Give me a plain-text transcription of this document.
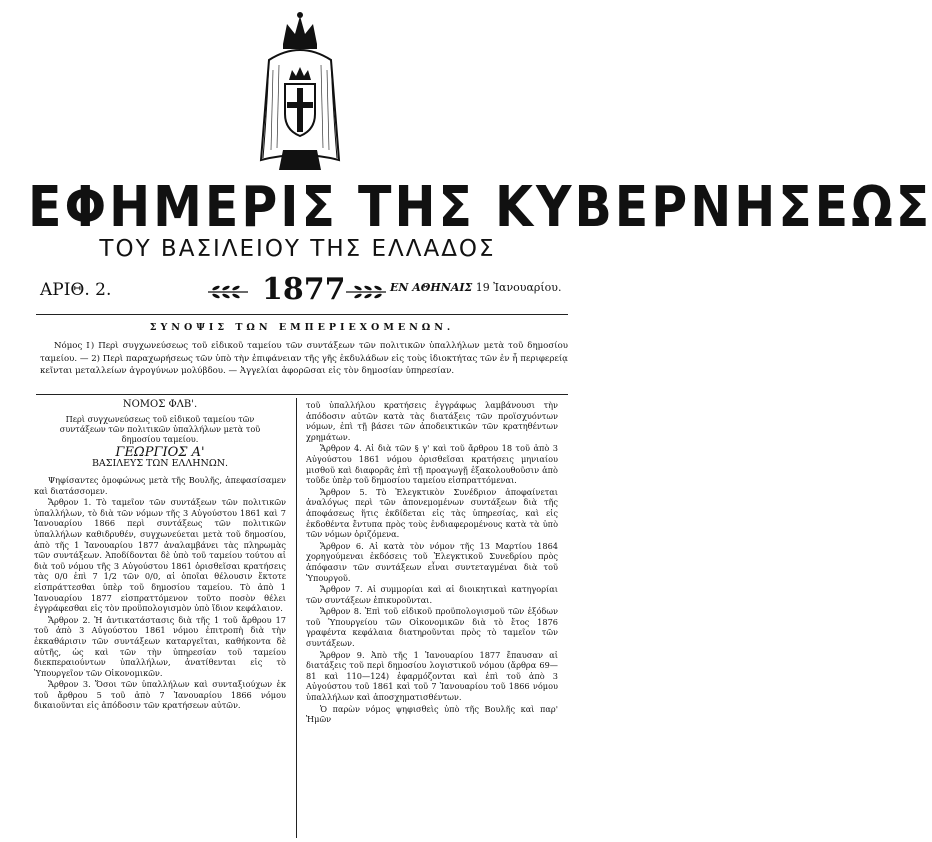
ΕΦΗΜΕΡΙΣ ΤΗΣ ΚΥΒΕΡΝΗΣΕΩΣ
ΤΟΥ ΒΑΣΙΛΕΙΟΥ ΤΗΣ ΕΛΛΑΔΟΣ
ΑΡΙΘ. 2.	1877	ΕΝ ΑΘΗΝΑΙΣ 19 Ἰανουαρίου.
ΣΥΝΟΨΙΣ ΤΩΝ ΕΜΠΕΡΙΕΧΟΜΕΝΩΝ.
Νόμος Ⅰ) Περὶ συγχωνεύσεως τοῦ εἰδικοῦ ταμείου τῶν συντάξεων τῶν πολιτικῶν ὑπαλλήλων μετὰ τοῦ δημοσίου ταμείου. — 2) Περὶ παραχωρήσεως τῶν ὑπὸ τὴν ἐπιφάνειαν τῆς γῆς ἐκδυλάδων εἰς τοὺς ἰδιοκτήτας τῶν ἐν ἧ περιφερείᾳ κεῖνται μεταλλείων ἀγρογύνων μολύβδου. — Ἀγγελίαι ἀφορῶσαι εἰς τὸν δημοσίαν ὑπηρεσίαν.
ΝΟΜΟΣ ΦΛΒ'.
Περὶ συγχωνεύσεως τοῦ εἰδικοῦ ταμείου τῶν συντάξεων τῶν πολιτικῶν ὑπαλλήλων μετὰ τοῦ δημοσίου ταμείου.
ΓΕΩΡΓΙΟΣ Α'
ΒΑΣΙΛΕΥΣ ΤΩΝ ΕΛΛΗΝΩΝ.

Ψηφίσαντες ὁμοφώνως μετὰ τῆς Βουλῆς, ἀπεφασίσαμεν καὶ διατάσσομεν.

Ἄρθρον 1. Τὸ ταμεῖον τῶν συντάξεων τῶν πολιτικῶν ὑπαλλήλων, τὸ διὰ τῶν νόμων τῆς 3 Αὐγούστου 1861 καὶ 7 Ἰανουαρίου 1866 περὶ συντάξεως τῶν πολιτικῶν ὑπαλλήλων καθιδρυθέν, συγχωνεύεται μετὰ τοῦ δημοσίου, ἀπὸ τῆς 1 Ἰανουαρίου 1877 ἀναλαμβάνει τὰς πληρωμὰς τῶν συντάξεων. Ἀποδίδονται δὲ ὑπὸ τοῦ ταμείου τούτου αἱ διὰ τοῦ νόμου τῆς 3 Αὐγούστου 1861 ὁρισθεῖσαι κρατήσεις τὰς 0/0 ἐπὶ 7 1/2 τῶν 0/0, αἱ ὁποῖαι θέλουσιν ἔκτοτε εἰσπράττεσθαι ὑπὲρ τοῦ δημοσίου ταμείου. Τὸ ἀπὸ 1 Ἰανουαρίου 1877 εἰσπραττόμενον τοῦτο ποσὸν θέλει ἐγγράφεσθαι εἰς τὸν προϋπολογισμὸν ὑπὸ ἴδιον κεφάλαιον.

Ἄρθρον 2. Ἡ ἀντικατάστασις διὰ τῆς 1 τοῦ ἄρθρου 17 τοῦ ἀπὸ 3 Αὐγούστου 1861 νόμου ἐπιτροπὴ διὰ τὴν ἐκκαθάρισιν τῶν συντάξεων καταργεῖται, καθήκοντα δὲ αὐτῆς, ὡς καὶ τῶν τὴν ὑπηρεσίαν τοῦ ταμείου διεκπεραιούντων ὑπαλλήλων, ἀνατίθενται εἰς τὸ Ὑπουργεῖον τῶν Οἰκονομικῶν.

Ἄρθρον 3. Ὅσοι τῶν ὑπαλλήλων καὶ συνταξιούχων ἐκ τοῦ ἄρθρου 5 τοῦ ἀπὸ 7 Ἰανουαρίου 1866 νόμου δικαιοῦνται εἰς ἀπόδοσιν τῶν κρατήσεων αὐτῶν.

τοῦ ὑπαλλήλου κρατήσεις ἐγγράφως λαμβάνουσι τὴν ἀπόδοσιν αὐτῶν κατὰ τὰς διατάξεις τῶν προϊσχυόντων νόμων, ἐπὶ τῇ βάσει τῶν ἀποδεικτικῶν τῶν κρατηθέντων χρημάτων.

Ἄρθρον 4. Αἱ διὰ τῶν § γ' καὶ τοῦ ἄρθρου 18 τοῦ ἀπὸ 3 Αὐγούστου 1861 νόμου ὁρισθεῖσαι κρατήσεις μηνιαίου μισθοῦ καὶ διαφορᾶς ἐπὶ τῇ προαγωγῇ ἐξακολουθοῦσιν ἀπὸ τοῦδε ὑπὲρ τοῦ δημοσίου ταμείου εἰσπραττόμεναι.

Ἄρθρον 5. Τὸ Ἐλεγκτικὸν Συνέδριον ἀποφαίνεται ἀναλόγως περὶ τῶν ἀπονεμομένων συντάξεων διὰ τῆς ἀποφάσεως ἥτις ἐκδίδεται εἰς τὰς ὑπηρεσίας, καὶ εἰς ἐκδοθέντα ἔντυπα πρὸς τοὺς ἐνδιαφερομένους κατὰ τὰ ὑπὸ τῶν νόμων ὁριζόμενα.

Ἄρθρον 6. Αἱ κατὰ τὸν νόμον τῆς 13 Μαρτίου 1864 χορηγούμεναι ἐκδόσεις τοῦ Ἐλεγκτικοῦ Συνεδρίου πρὸς ἀπόφασιν τῶν συντάξεων εἶναι συντεταγμέναι διὰ τοῦ Ὑπουργοῦ.

Ἄρθρον 7. Αἱ συμμορίαι καὶ αἱ διοικητικαὶ κατηγορίαι τῶν συντάξεων ἐπικυροῦνται.

Ἄρθρον 8. Ἐπὶ τοῦ εἰδικοῦ προϋπολογισμοῦ τῶν ἐξόδων τοῦ Ὑπουργείου τῶν Οἰκονομικῶν διὰ τὸ ἔτος 1876 γραφέντα κεφάλαια διατηροῦνται πρὸς τὸ ταμεῖον τῶν συντάξεων.

Ἄρθρον 9. Ἀπὸ τῆς 1 Ἰανουαρίου 1877 ἔπαυσαν αἱ διατάξεις τοῦ περὶ δημοσίου λογιστικοῦ νόμου (ἄρθρα 69—81 καὶ 110—124) ἐφαρμόζονται καὶ ἐπὶ τοῦ ἀπὸ 3 Αὐγούστου τοῦ 1861 καὶ τοῦ 7 Ἰανουαρίου τοῦ 1866 νόμου ὑπαλλήλων καὶ ἀποσχηματισθέντων.

Ὁ παρὼν νόμος ψηφισθεὶς ὑπὸ τῆς Βουλῆς καὶ παρ' Ἡμῶν
